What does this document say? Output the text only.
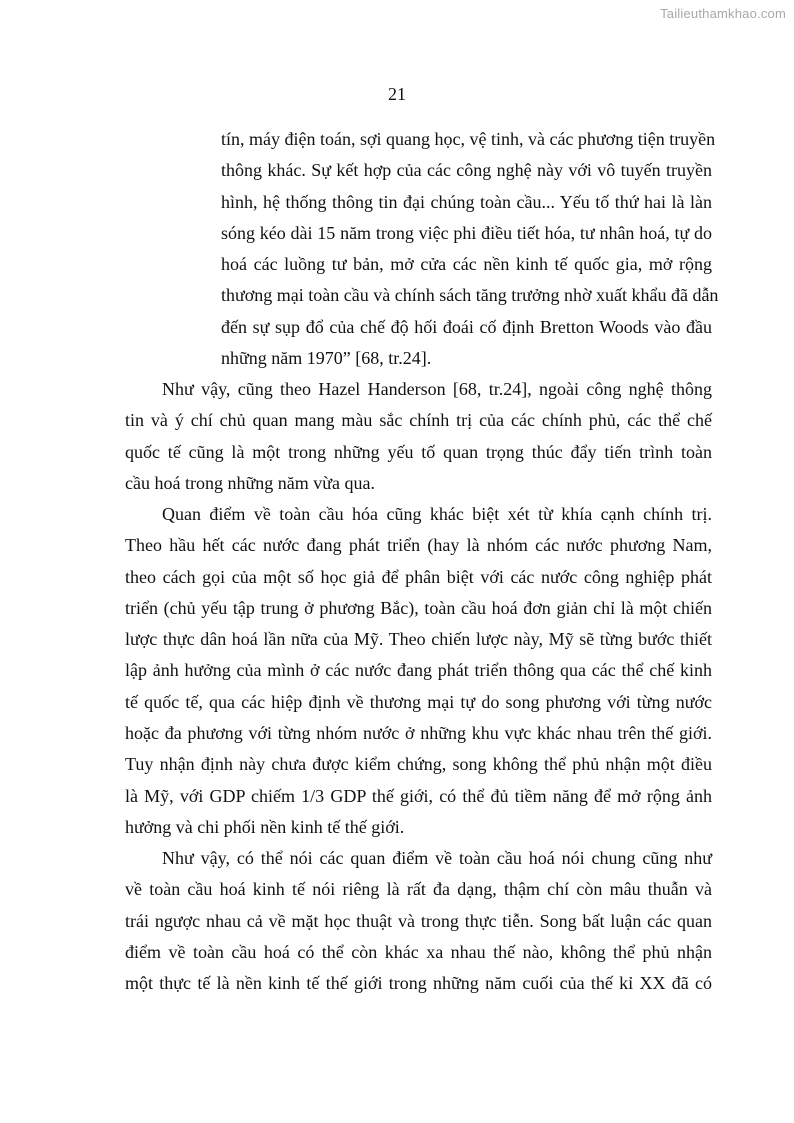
Tailieuthamkhao.com
21
tín, máy điện toán, sợi quang học, vệ tinh, và các phương tiện truyền
thông khác. Sự kết hợp của các công nghệ này với vô tuyến truyền
hình, hệ thống thông tin đại chúng toàn cầu... Yếu tố thứ hai là làn
sóng kéo dài 15 năm trong việc phi điều tiết hóa, tư nhân hoá, tự do
hoá các luồng tư bản, mở cửa các nền kinh tế quốc gia, mở rộng
thương mại toàn cầu và chính sách tăng trưởng nhờ xuất khẩu đã dẫn
đến sự sụp đổ của chế độ hối đoái cố định Bretton Woods vào đầu
những năm 1970” [68, tr.24].
Như vậy, cũng theo Hazel Handerson [68, tr.24], ngoài công nghệ thông
tin và ý chí chủ quan mang màu sắc chính trị của các chính phủ, các thể chế
quốc tế cũng là một trong những yếu tố quan trọng thúc đẩy tiến trình toàn
cầu hoá trong những năm vừa qua.
Quan điểm về toàn cầu hóa cũng khác biệt xét từ khía cạnh chính trị.
Theo hầu hết các nước đang phát triển (hay là nhóm các nước phương Nam,
theo cách gọi của một số học giả để phân biệt với các nước công nghiệp phát
triển (chủ yếu tập trung ở phương Bắc), toàn cầu hoá đơn giản chỉ là một chiến
lược thực dân hoá lần nữa của Mỹ. Theo chiến lược này, Mỹ sẽ từng bước thiết
lập ảnh hưởng của mình ở các nước đang phát triển thông qua các thể chế kinh
tế quốc tế, qua các hiệp định về thương mại tự do song phương với từng nước
hoặc đa phương với từng nhóm nước ở những khu vực khác nhau trên thế giới.
Tuy nhận định này chưa được kiểm chứng, song không thể phủ nhận một điều
là Mỹ, với GDP chiếm 1/3 GDP thế giới, có thể đủ tiềm năng để mở rộng ảnh
hưởng và chi phối nền kinh tế thế giới.
Như vậy, có thể nói các quan điểm về toàn cầu hoá nói chung cũng như
về toàn cầu hoá kinh tế nói riêng là rất đa dạng, thậm chí còn mâu thuẫn và
trái ngược nhau cả về mặt học thuật và trong thực tiễn. Song bất luận các quan
điểm về toàn cầu hoá có thể còn khác xa nhau thế nào, không thể phủ nhận
một thực tế là nền kinh tế thế giới trong những năm cuối của thế kỉ XX đã có
